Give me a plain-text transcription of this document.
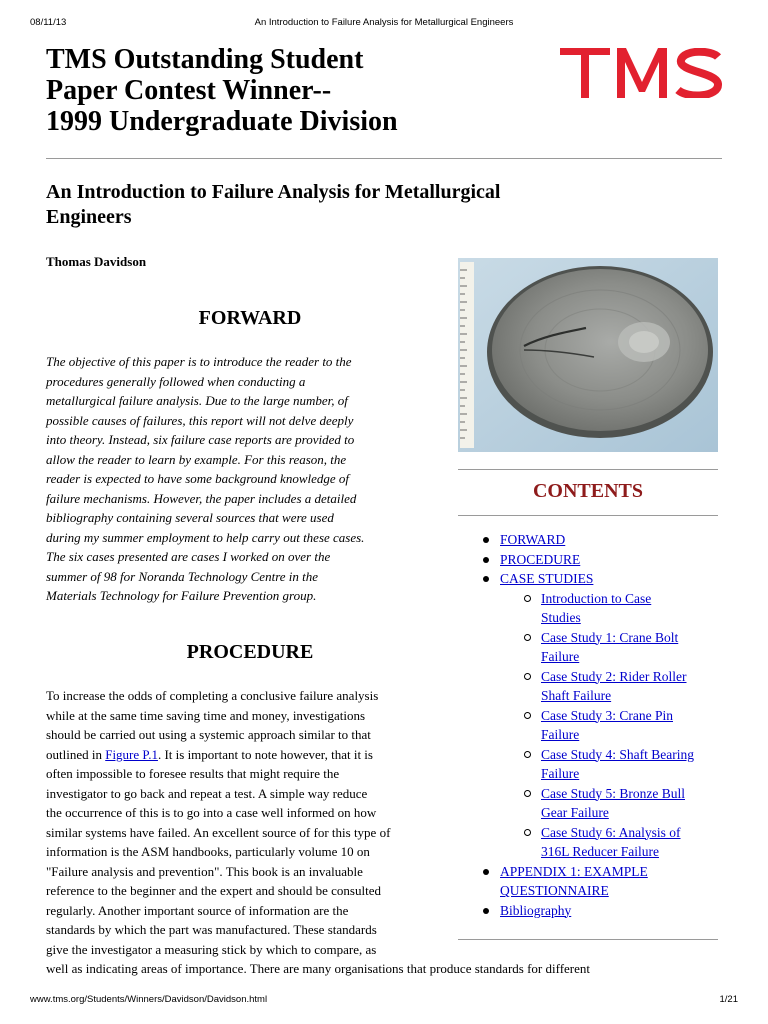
08/11/13	An Introduction to Failure Analysis for Metallurgical Engineers
TMS Outstanding Student
Paper Contest Winner--
1999 Undergraduate Division
An Introduction to Failure Analysis for Metallurgical
Engineers
Thomas Davidson
FORWARD

The objective of this paper is to introduce the reader to the
procedures generally followed when conducting a
metallurgical failure analysis. Due to the large number, of
possible causes of failures, this report will not delve deeply
into theory. Instead, six failure case reports are provided to
allow the reader to learn by example. For this reason, the
reader is expected to have some background knowledge of
failure mechanisms. However, the paper includes a detailed
bibliography containing several sources that were used
during my summer employment to help carry out these cases.
The six cases presented are cases I worked on over the
summer of 98 for Noranda Technology Centre in the
Materials Technology for Failure Prevention group.

PROCEDURE

To increase the odds of completing a conclusive failure analysis
while at the same time saving time and money, investigations
should be carried out using a systemic approach similar to that
outlined in Figure P.1. It is important to note however, that it is
often impossible to foresee results that might require the
investigator to go back and repeat a test. A simple way reduce
the occurrence of this is to go into a case well informed on how
similar systems have failed. An excellent source of for this type of
information is the ASM handbooks, particularly volume 10 on
"Failure analysis and prevention". This book is an invaluable
reference to the beginner and the expert and should be consulted
regularly. Another important source of information are the
standards by which the part was manufactured. These standards
give the investigator a measuring stick by which to compare, as
well as indicating areas of importance. There are many organisations that produce standards for different

CONTENTS
FORWARD
PROCEDURE
CASE STUDIES
Introduction to Case
Studies
Case Study 1: Crane Bolt
Failure
Case Study 2: Rider Roller
Shaft Failure
Case Study 3: Crane Pin
Failure
Case Study 4: Shaft Bearing
Failure
Case Study 5: Bronze Bull
Gear Failure
Case Study 6: Analysis of
316L Reducer Failure
APPENDIX 1: EXAMPLE
QUESTIONNAIRE
Bibliography
www.tms.org/Students/Winners/Davidson/Davidson.html	1/21
